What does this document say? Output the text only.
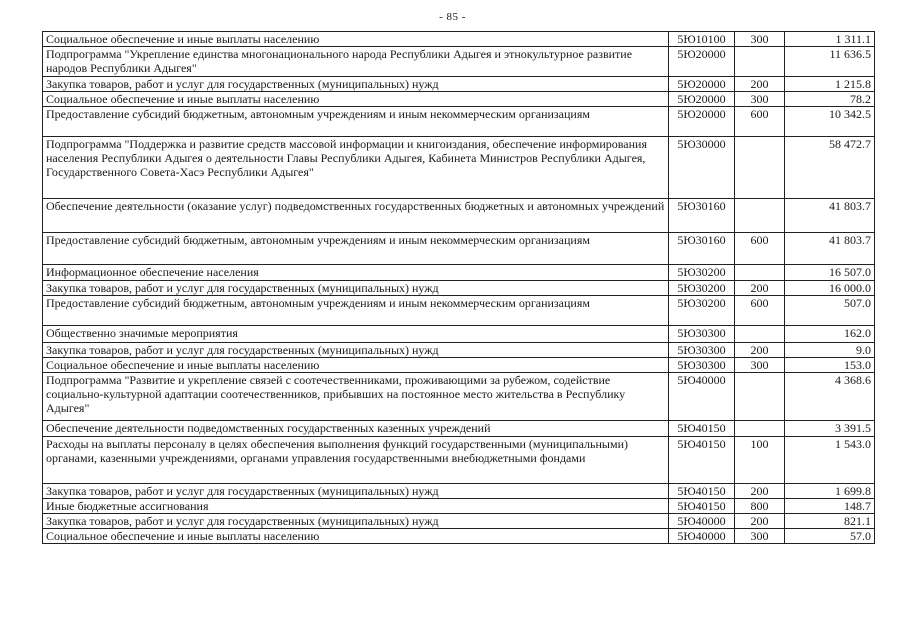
- 85 -
Социальное обеспечение и иные выплаты населению	5Ю10100	300	1 311.1
Подпрограмма "Укрепление единства многонационального народа Республики Адыгея и этнокультурное развитие народов Республики Адыгея"	5Ю20000		11 636.5
Закупка товаров, работ и услуг для государственных (муниципальных) нужд	5Ю20000	200	1 215.8
Социальное обеспечение и иные выплаты населению	5Ю20000	300	78.2
Предоставление субсидий бюджетным, автономным учреждениям и иным некоммерческим организациям	5Ю20000	600	10 342.5
Подпрограмма "Поддержка и развитие средств массовой информации и книгоиздания, обеспечение информирования населения Республики Адыгея о деятельности Главы Республики Адыгея, Кабинета Министров Республики Адыгея, Государственного Совета-Хасэ Республики Адыгея"	5Ю30000		58 472.7
Обеспечение деятельности (оказание услуг) подведомственных государственных бюджетных и автономных учреждений	5Ю30160		41 803.7
Предоставление субсидий бюджетным, автономным учреждениям и иным некоммерческим организациям	5Ю30160	600	41 803.7
Информационное обеспечение населения	5Ю30200		16 507.0
Закупка товаров, работ и услуг для государственных (муниципальных) нужд	5Ю30200	200	16 000.0
Предоставление субсидий бюджетным, автономным учреждениям и иным некоммерческим организациям	5Ю30200	600	507.0
Общественно значимые мероприятия	5Ю30300		162.0
Закупка товаров, работ и услуг для государственных (муниципальных) нужд	5Ю30300	200	9.0
Социальное обеспечение и иные выплаты населению	5Ю30300	300	153.0
Подпрограмма "Развитие и укрепление связей с соотечественниками, проживающими за рубежом, содействие социально-культурной адаптации соотечественников, прибывших на постоянное место жительства в Республику Адыгея"	5Ю40000		4 368.6
Обеспечение деятельности подведомственных государственных казенных учреждений	5Ю40150		3 391.5
Расходы на выплаты персоналу в целях обеспечения выполнения функций государственными (муниципальными) органами, казенными учреждениями, органами управления государственными внебюджетными фондами	5Ю40150	100	1 543.0
Закупка товаров, работ и услуг для государственных (муниципальных) нужд	5Ю40150	200	1 699.8
Иные бюджетные ассигнования	5Ю40150	800	148.7
Закупка товаров, работ и услуг для государственных (муниципальных) нужд	5Ю40000	200	821.1
Социальное обеспечение и иные выплаты населению	5Ю40000	300	57.0
